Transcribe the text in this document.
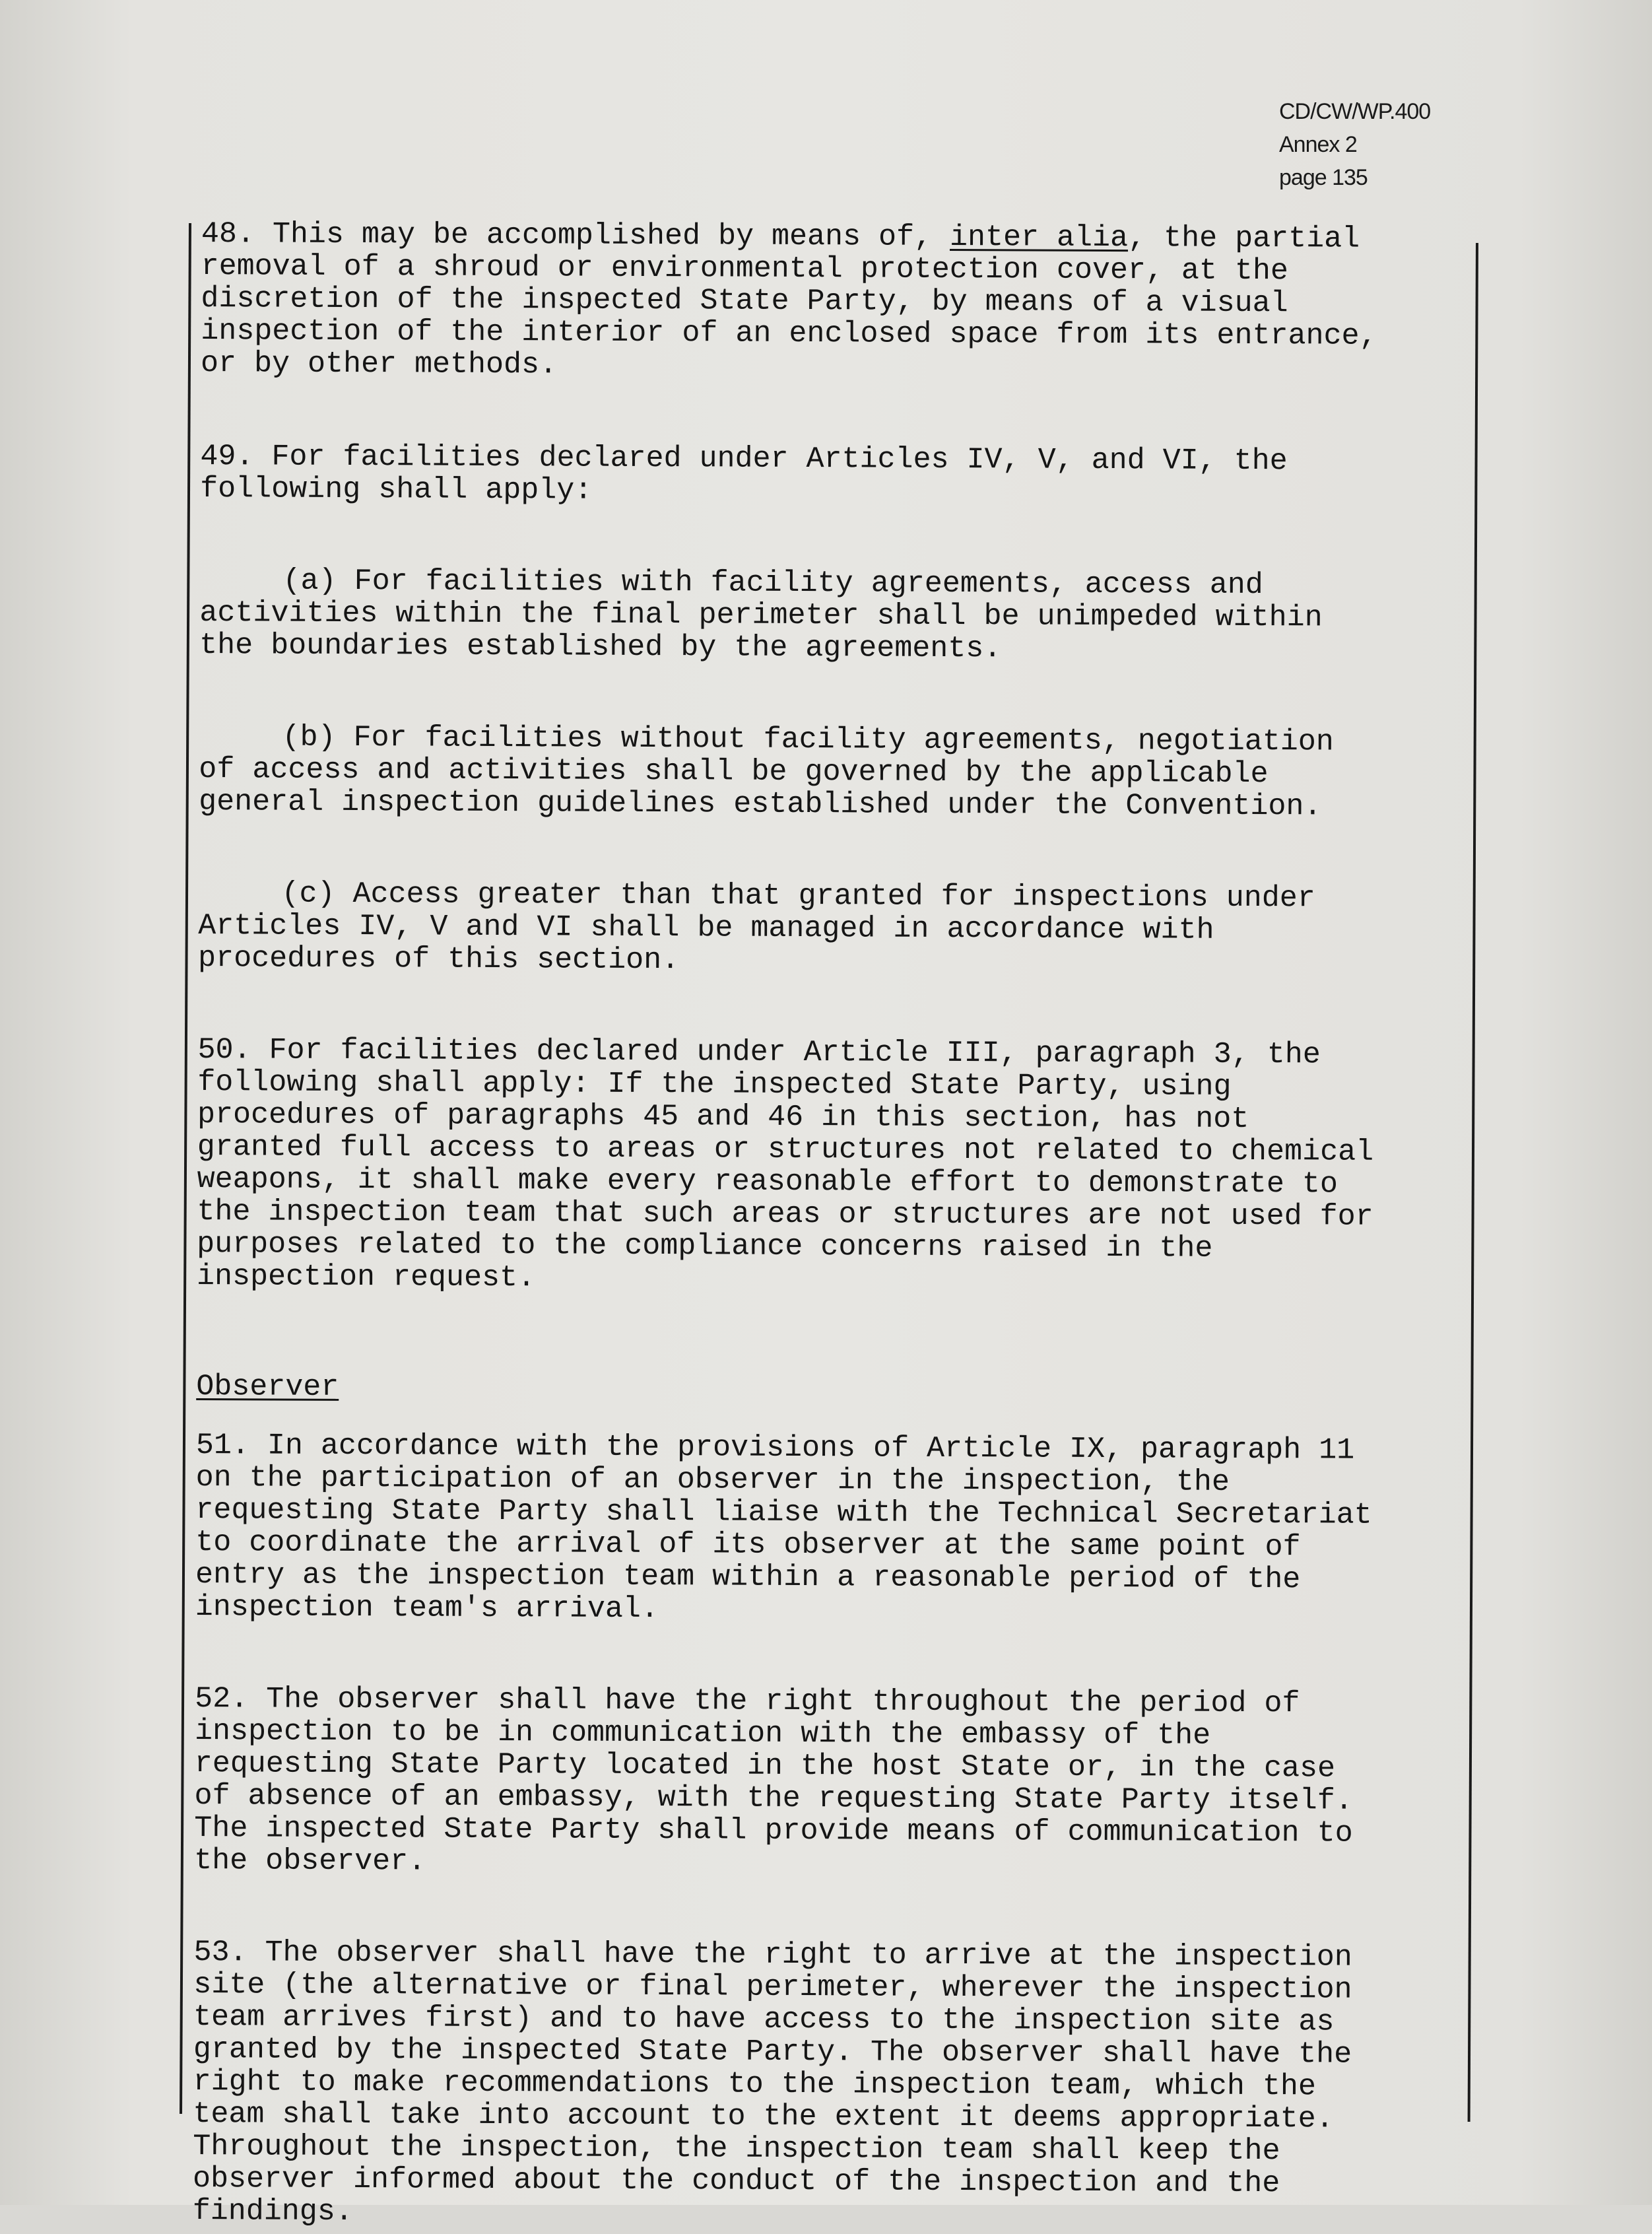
CD/CW/WP.400
Annex 2
page 135

48. This may be accomplished by means of, inter alia, the partial
removal of a shroud or environmental protection cover, at the
discretion of the inspected State Party, by means of a visual
inspection of the interior of an enclosed space from its entrance,
or by other methods.

49. For facilities declared under Articles IV, V, and VI, the
following shall apply:

(a) For facilities with facility agreements, access and
activities within the final perimeter shall be unimpeded within
the boundaries established by the agreements.

(b) For facilities without facility agreements, negotiation
of access and activities shall be governed by the applicable
general inspection guidelines established under the Convention.

(c) Access greater than that granted for inspections under
Articles IV, V and VI shall be managed in accordance with
procedures of this section.

50. For facilities declared under Article III, paragraph 3, the
following shall apply: If the inspected State Party, using
procedures of paragraphs 45 and 46 in this section, has not
granted full access to areas or structures not related to chemical
weapons, it shall make every reasonable effort to demonstrate to
the inspection team that such areas or structures are not used for
purposes related to the compliance concerns raised in the
inspection request.

Observer

51. In accordance with the provisions of Article IX, paragraph 11
on the participation of an observer in the inspection, the
requesting State Party shall liaise with the Technical Secretariat
to coordinate the arrival of its observer at the same point of
entry as the inspection team within a reasonable period of the
inspection team's arrival.

52. The observer shall have the right throughout the period of
inspection to be in communication with the embassy of the
requesting State Party located in the host State or, in the case
of absence of an embassy, with the requesting State Party itself.
The inspected State Party shall provide means of communication to
the observer.

53. The observer shall have the right to arrive at the inspection
site (the alternative or final perimeter, wherever the inspection
team arrives first) and to have access to the inspection site as
granted by the inspected State Party. The observer shall have the
right to make recommendations to the inspection team, which the
team shall take into account to the extent it deems appropriate.
Throughout the inspection, the inspection team shall keep the
observer informed about the conduct of the inspection and the
findings.
